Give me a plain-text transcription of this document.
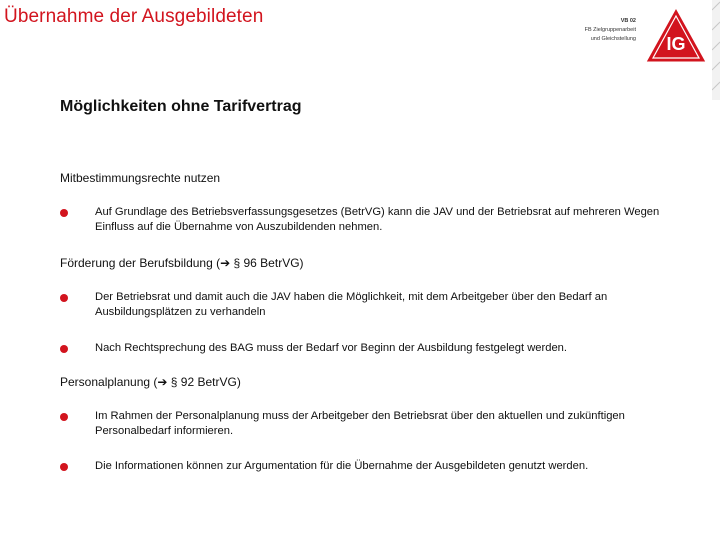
Übernahme der Ausgebildeten	VB 02
FB Zielgruppenarbeit
und Gleichstellung IG
Möglichkeiten ohne Tarifvertrag
Mitbestimmungsrechte nutzen
Auf Grundlage des Betriebsverfassungsgesetzes (BetrVG) kann die JAV und der Betriebsrat auf mehreren Wegen Einfluss auf die Übernahme von Auszubildenden nehmen.
Förderung der Berufsbildung (➔ § 96 BetrVG)
Der Betriebsrat und damit auch die JAV haben die Möglichkeit, mit dem Arbeitgeber über den Bedarf an Ausbildungsplätzen zu verhandeln
Nach Rechtsprechung des BAG muss der Bedarf vor Beginn der Ausbildung festgelegt werden.
Personalplanung (➔ § 92 BetrVG)
Im Rahmen der Personalplanung muss der Arbeitgeber den Betriebsrat über den aktuellen und zukünftigen Personalbedarf informieren.
Die Informationen können zur Argumentation für die Übernahme der Ausgebildeten genutzt werden.
